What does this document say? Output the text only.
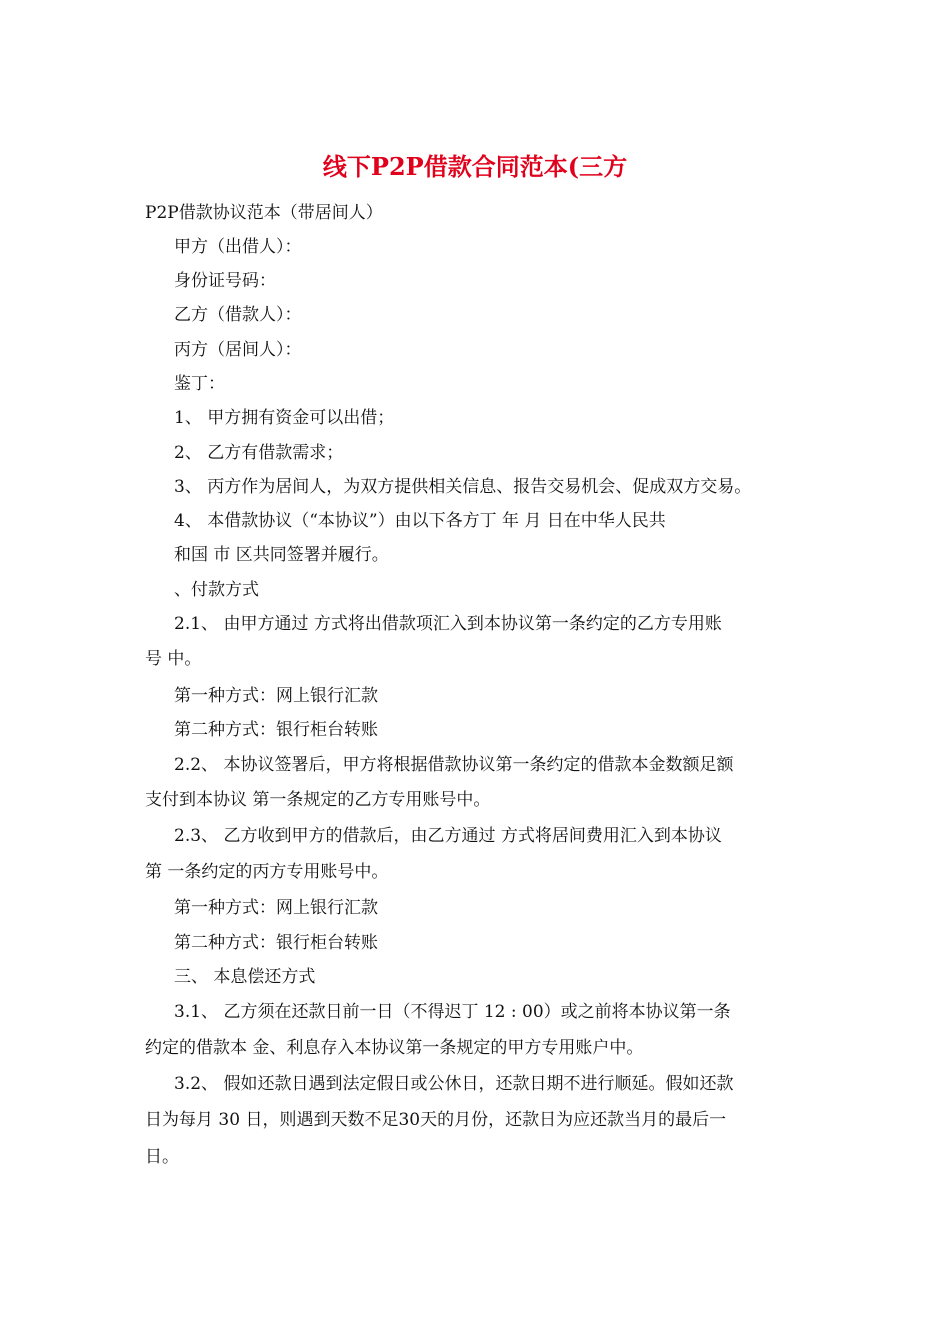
线下P2P借款合同范本(三方
P2P借款协议范本（带居间人）
甲方（出借人）：
身份证号码：
乙方（借款人）：
丙方（居间人）：
鉴丁：
1、 甲方拥有资金可以出借；
2、 乙方有借款需求；
3、 丙方作为居间人，为双方提供相关信息、报告交易机会、促成双方交易。
4、 本借款协议（“本协议”）由以下各方丁 年 月 日在中华人民共
和国 巿 区共同签署并履行。
、付款方式
2.1、 由甲方通过 方式将出借款项汇入到本协议第一条约定的乙方专用账
号 中。
第一种方式：网上银行汇款
第二种方式：银行柜台转账
2.2、 本协议签署后，甲方将根据借款协议第一条约定的借款本金数额足额
支付到本协议 第一条规定的乙方专用账号中。
2.3、 乙方收到甲方的借款后，由乙方通过 方式将居间费用汇入到本协议
第 一条约定的丙方专用账号中。
第一种方式：网上银行汇款
第二种方式：银行柜台转账
三、 本息偿还方式
3.1、 乙方须在还款日前一日（不得迟丁 12 : 00）或之前将本协议第一条
约定的借款本 金、利息存入本协议第一条规定的甲方专用账户中。
3.2、 假如还款日遇到法定假日或公休日，还款日期不进行顺延。假如还款
日为每月 30 日，则遇到天数不足30天的月份，还款日为应还款当月的最后一
日。
